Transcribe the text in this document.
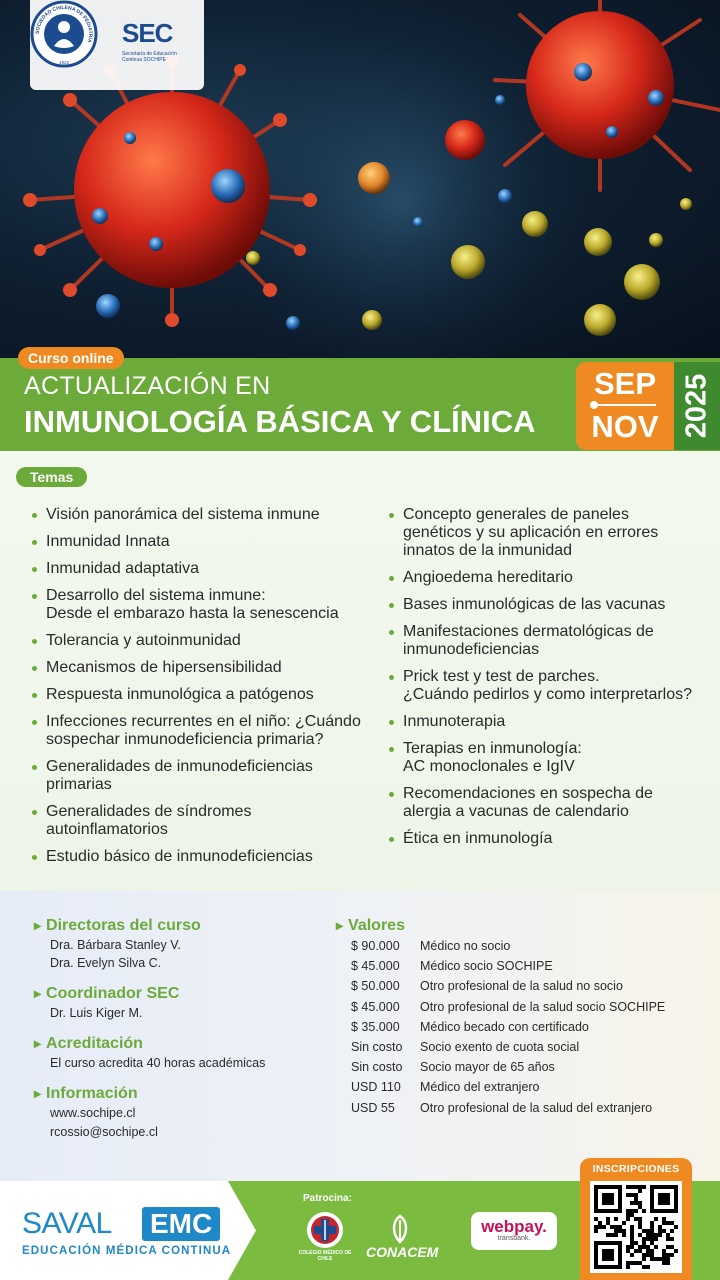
SOCIEDAD CHILENA DE PEDIATRÍA
1922
SEC
Secretaría de Educación Continua SOCHIPE
Curso online
ACTUALIZACIÓN EN
INMUNOLOGÍA BÁSICA Y CLÍNICA
SEP
NOV 2025
Temas
Visión panorámica del sistema inmune
Inmunidad Innata
Inmunidad adaptativa
Desarrollo del sistema inmune:
Desde el embarazo hasta la senescencia
Tolerancia y autoinmunidad
Mecanismos de hipersensibilidad
Respuesta inmunológica a patógenos
Infecciones recurrentes en el niño: ¿Cuándo
sospechar inmunodeficiencia primaria?
Generalidades de inmunodeficiencias
primarias
Generalidades de síndromes
autoinflamatorios
Estudio básico de inmunodeficiencias
Concepto generales de paneles
genéticos y su aplicación en errores
innatos de la inmunidad
Angioedema hereditario
Bases inmunológicas de las vacunas
Manifestaciones dermatológicas de
inmunodeficiencias
Prick test y test de parches.
¿Cuándo pedirlos y como interpretarlos?
Inmunoterapia
Terapias en inmunología:
AC monoclonales e IgIV
Recomendaciones en sospecha de
alergia a vacunas de calendario
Ética en inmunología
▸ Directoras del curso
Dra. Bárbara Stanley V.
Dra. Evelyn Silva C.
▸ Coordinador SEC
Dr. Luis Kiger M.
▸ Acreditación
El curso acredita 40 horas académicas
▸ Información
www.sochipe.cl
rcossio@sochipe.cl
▸ Valores
$ 90.000 Médico no socio
$ 45.000 Médico socio SOCHIPE
$ 50.000 Otro profesional de la salud no socio
$ 45.000 Otro profesional de la salud socio SOCHIPE
$ 35.000 Médico becado con certificado
Sin costo Socio exento de cuota social
Sin costo Socio mayor de 65 años
USD 110 Médico del extranjero
USD 55 Otro profesional de la salud del extranjero
SAVAL EMC
EDUCACIÓN MÉDICA CONTINUA
Patrocina:
COLEGIO MÉDICO DE CHILE	CONACEM
webpay.
transbank.
INSCRIPCIONES
